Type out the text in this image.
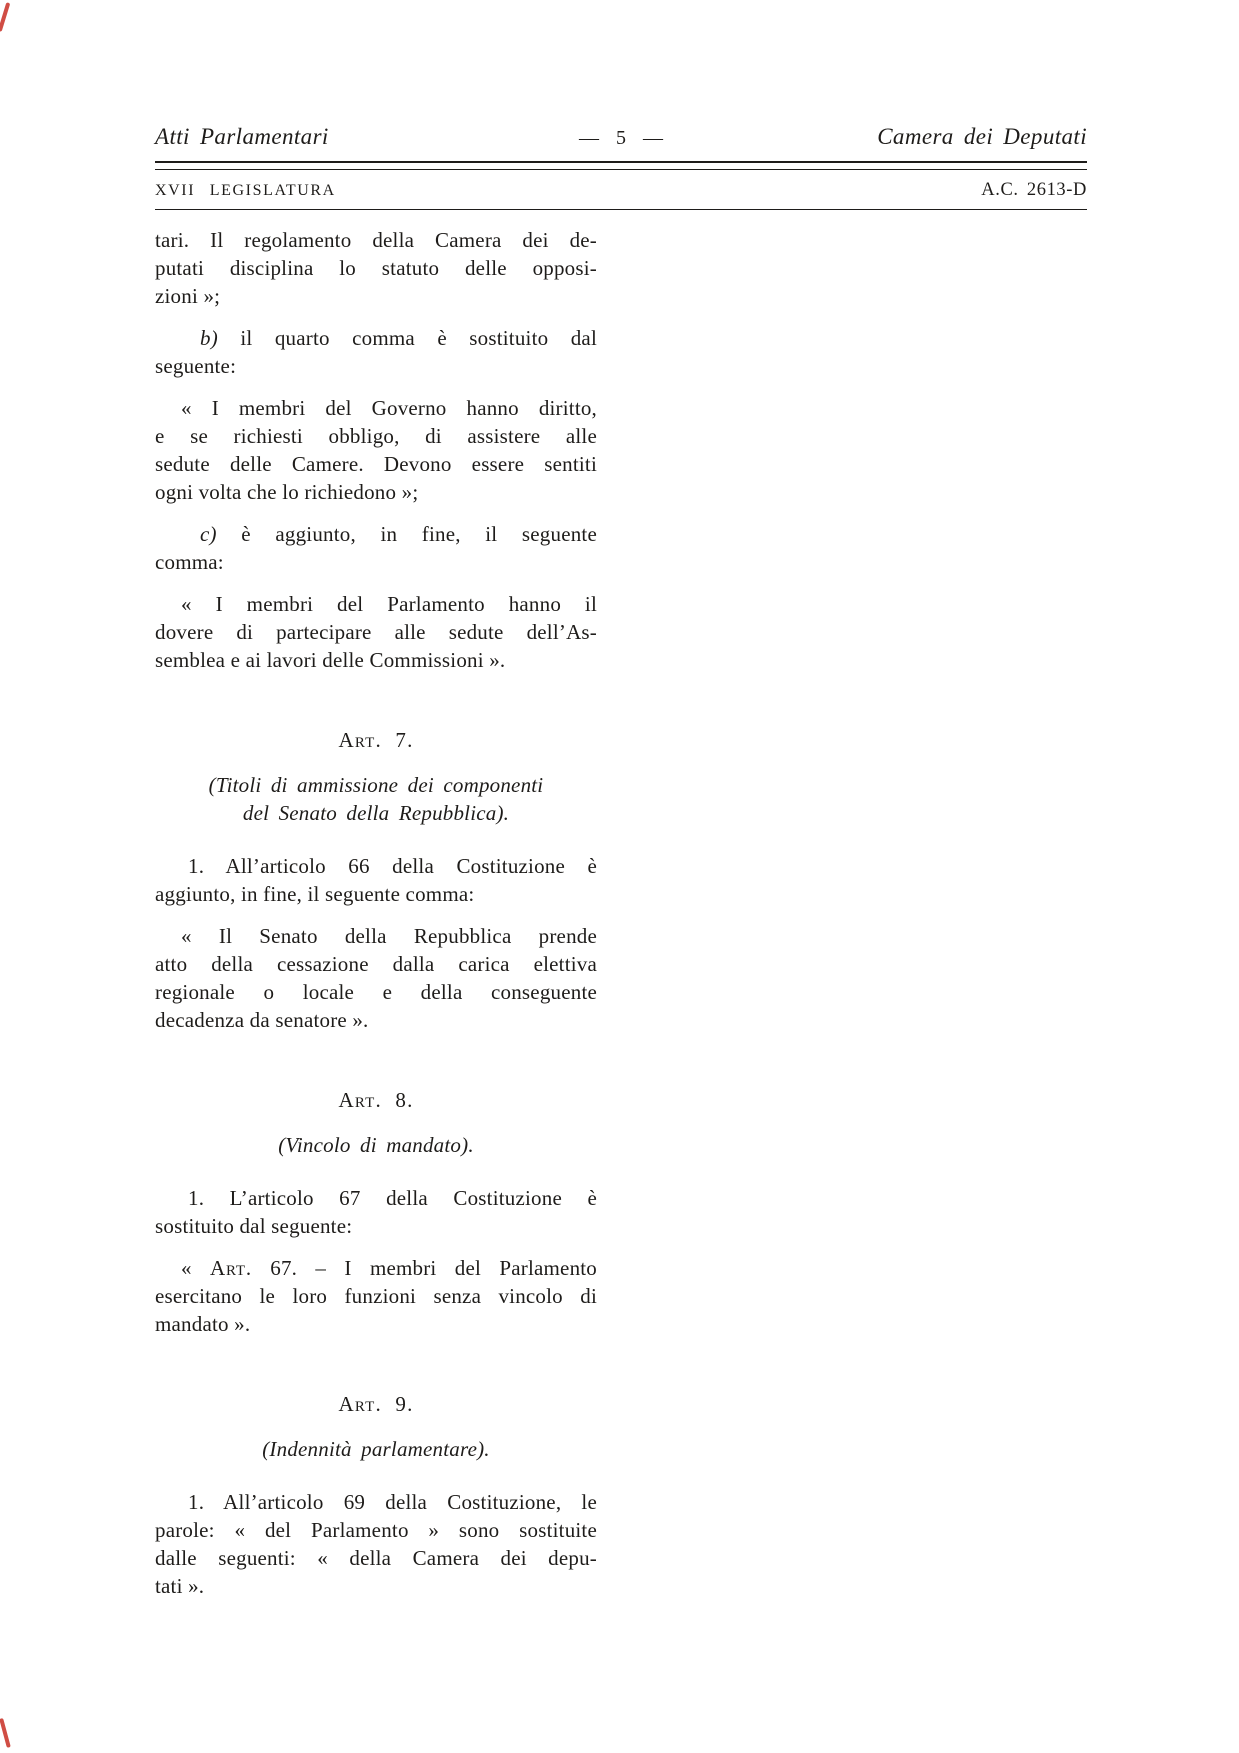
Atti Parlamentari	— 5 —	Camera dei Deputati
XVII LEGISLATURA	A.C. 2613-D
tari. Il regolamento della Camera dei de-
putati disciplina lo statuto delle opposi-
zioni »;
b) il quarto comma è sostituito dal
seguente:
« I membri del Governo hanno diritto,
e se richiesti obbligo, di assistere alle
sedute delle Camere. Devono essere sentiti
ogni volta che lo richiedono »;
c) è aggiunto, in fine, il seguente
comma:
« I membri del Parlamento hanno il
dovere di partecipare alle sedute dell’As-
semblea e ai lavori delle Commissioni ».
Art. 7.
(Titoli di ammissione dei componenti
del Senato della Repubblica).
1. All’articolo 66 della Costituzione è
aggiunto, in fine, il seguente comma:
« Il Senato della Repubblica prende
atto della cessazione dalla carica elettiva
regionale o locale e della conseguente
decadenza da senatore ».
Art. 8.
(Vincolo di mandato).
1. L’articolo 67 della Costituzione è
sostituito dal seguente:
« Art. 67. – I membri del Parlamento
esercitano le loro funzioni senza vincolo di
mandato ».
Art. 9.
(Indennità parlamentare).
1. All’articolo 69 della Costituzione, le
parole: « del Parlamento » sono sostituite
dalle seguenti: « della Camera dei depu-
tati ».
